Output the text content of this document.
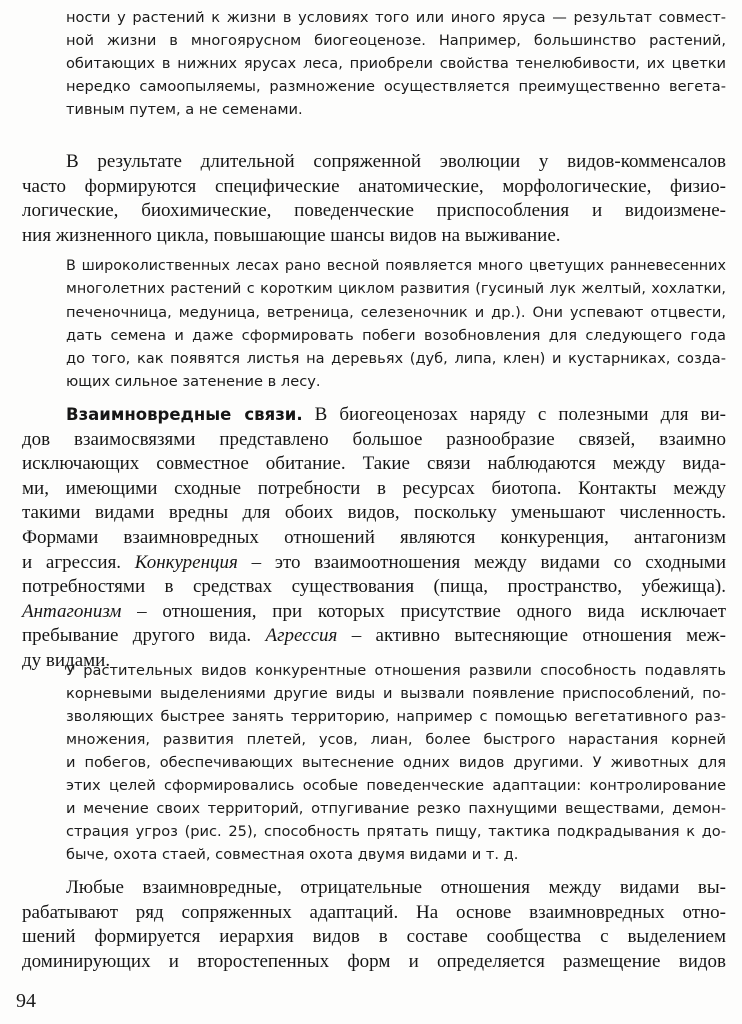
ности у растений к жизни в условиях того или иного яруса — результат совмест-
ной жизни в многоярусном биогеоценозе. Например, большинство растений,
обитающих в нижних ярусах леса, приобрели свойства тенелюбивости, их цветки
нередко самоопыляемы, размножение осуществляется преимущественно вегета-
тивным путем, а не семенами.
В результате длительной сопряженной эволюции у видов-комменсалов
часто формируются специфические анатомические, морфологические, физио-
логические, биохимические, поведенческие приспособления и видоизмене-
ния жизненного цикла, повышающие шансы видов на выживание.
В широколиственных лесах рано весной появляется много цветущих ранневесенних
многолетних растений с коротким циклом развития (гусиный лук желтый, хохлатки,
печеночница, медуница, ветреница, селезеночник и др.). Они успевают отцвести,
дать семена и даже сформировать побеги возобновления для следующего года
до того, как появятся листья на деревьях (дуб, липа, клен) и кустарниках, созда-
ющих сильное затенение в лесу.
Взаимновредные связи. В биогеоценозах наряду с полезными для ви-
дов взаимосвязями представлено большое разнообразие связей, взаимно
исключающих совместное обитание. Такие связи наблюдаются между вида-
ми, имеющими сходные потребности в ресурсах биотопа. Контакты между
такими видами вредны для обоих видов, поскольку уменьшают численность.
Формами взаимновредных отношений являются конкуренция, антагонизм
и агрессия. Конкуренция – это взаимоотношения между видами со сходными
потребностями в средствах существования (пища, пространство, убежища).
Антагонизм – отношения, при которых присутствие одного вида исключает
пребывание другого вида. Агрессия – активно вытесняющие отношения меж-
ду видами.
У растительных видов конкурентные отношения развили способность подавлять
корневыми выделениями другие виды и вызвали появление приспособлений, по-
зволяющих быстрее занять территорию, например с помощью вегетативного раз-
множения, развития плетей, усов, лиан, более быстрого нарастания корней
и побегов, обеспечивающих вытеснение одних видов другими. У животных для
этих целей сформировались особые поведенческие адаптации: контролирование
и мечение своих территорий, отпугивание резко пахнущими веществами, демон-
страция угроз (рис. 25), способность прятать пищу, тактика подкрадывания к до-
быче, охота стаей, совместная охота двумя видами и т. д.
Любые взаимновредные, отрицательные отношения между видами вы-
рабатывают ряд сопряженных адаптаций. На основе взаимновредных отно-
шений формируется иерархия видов в составе сообщества с выделением
доминирующих и второстепенных форм и определяется размещение видов
94
